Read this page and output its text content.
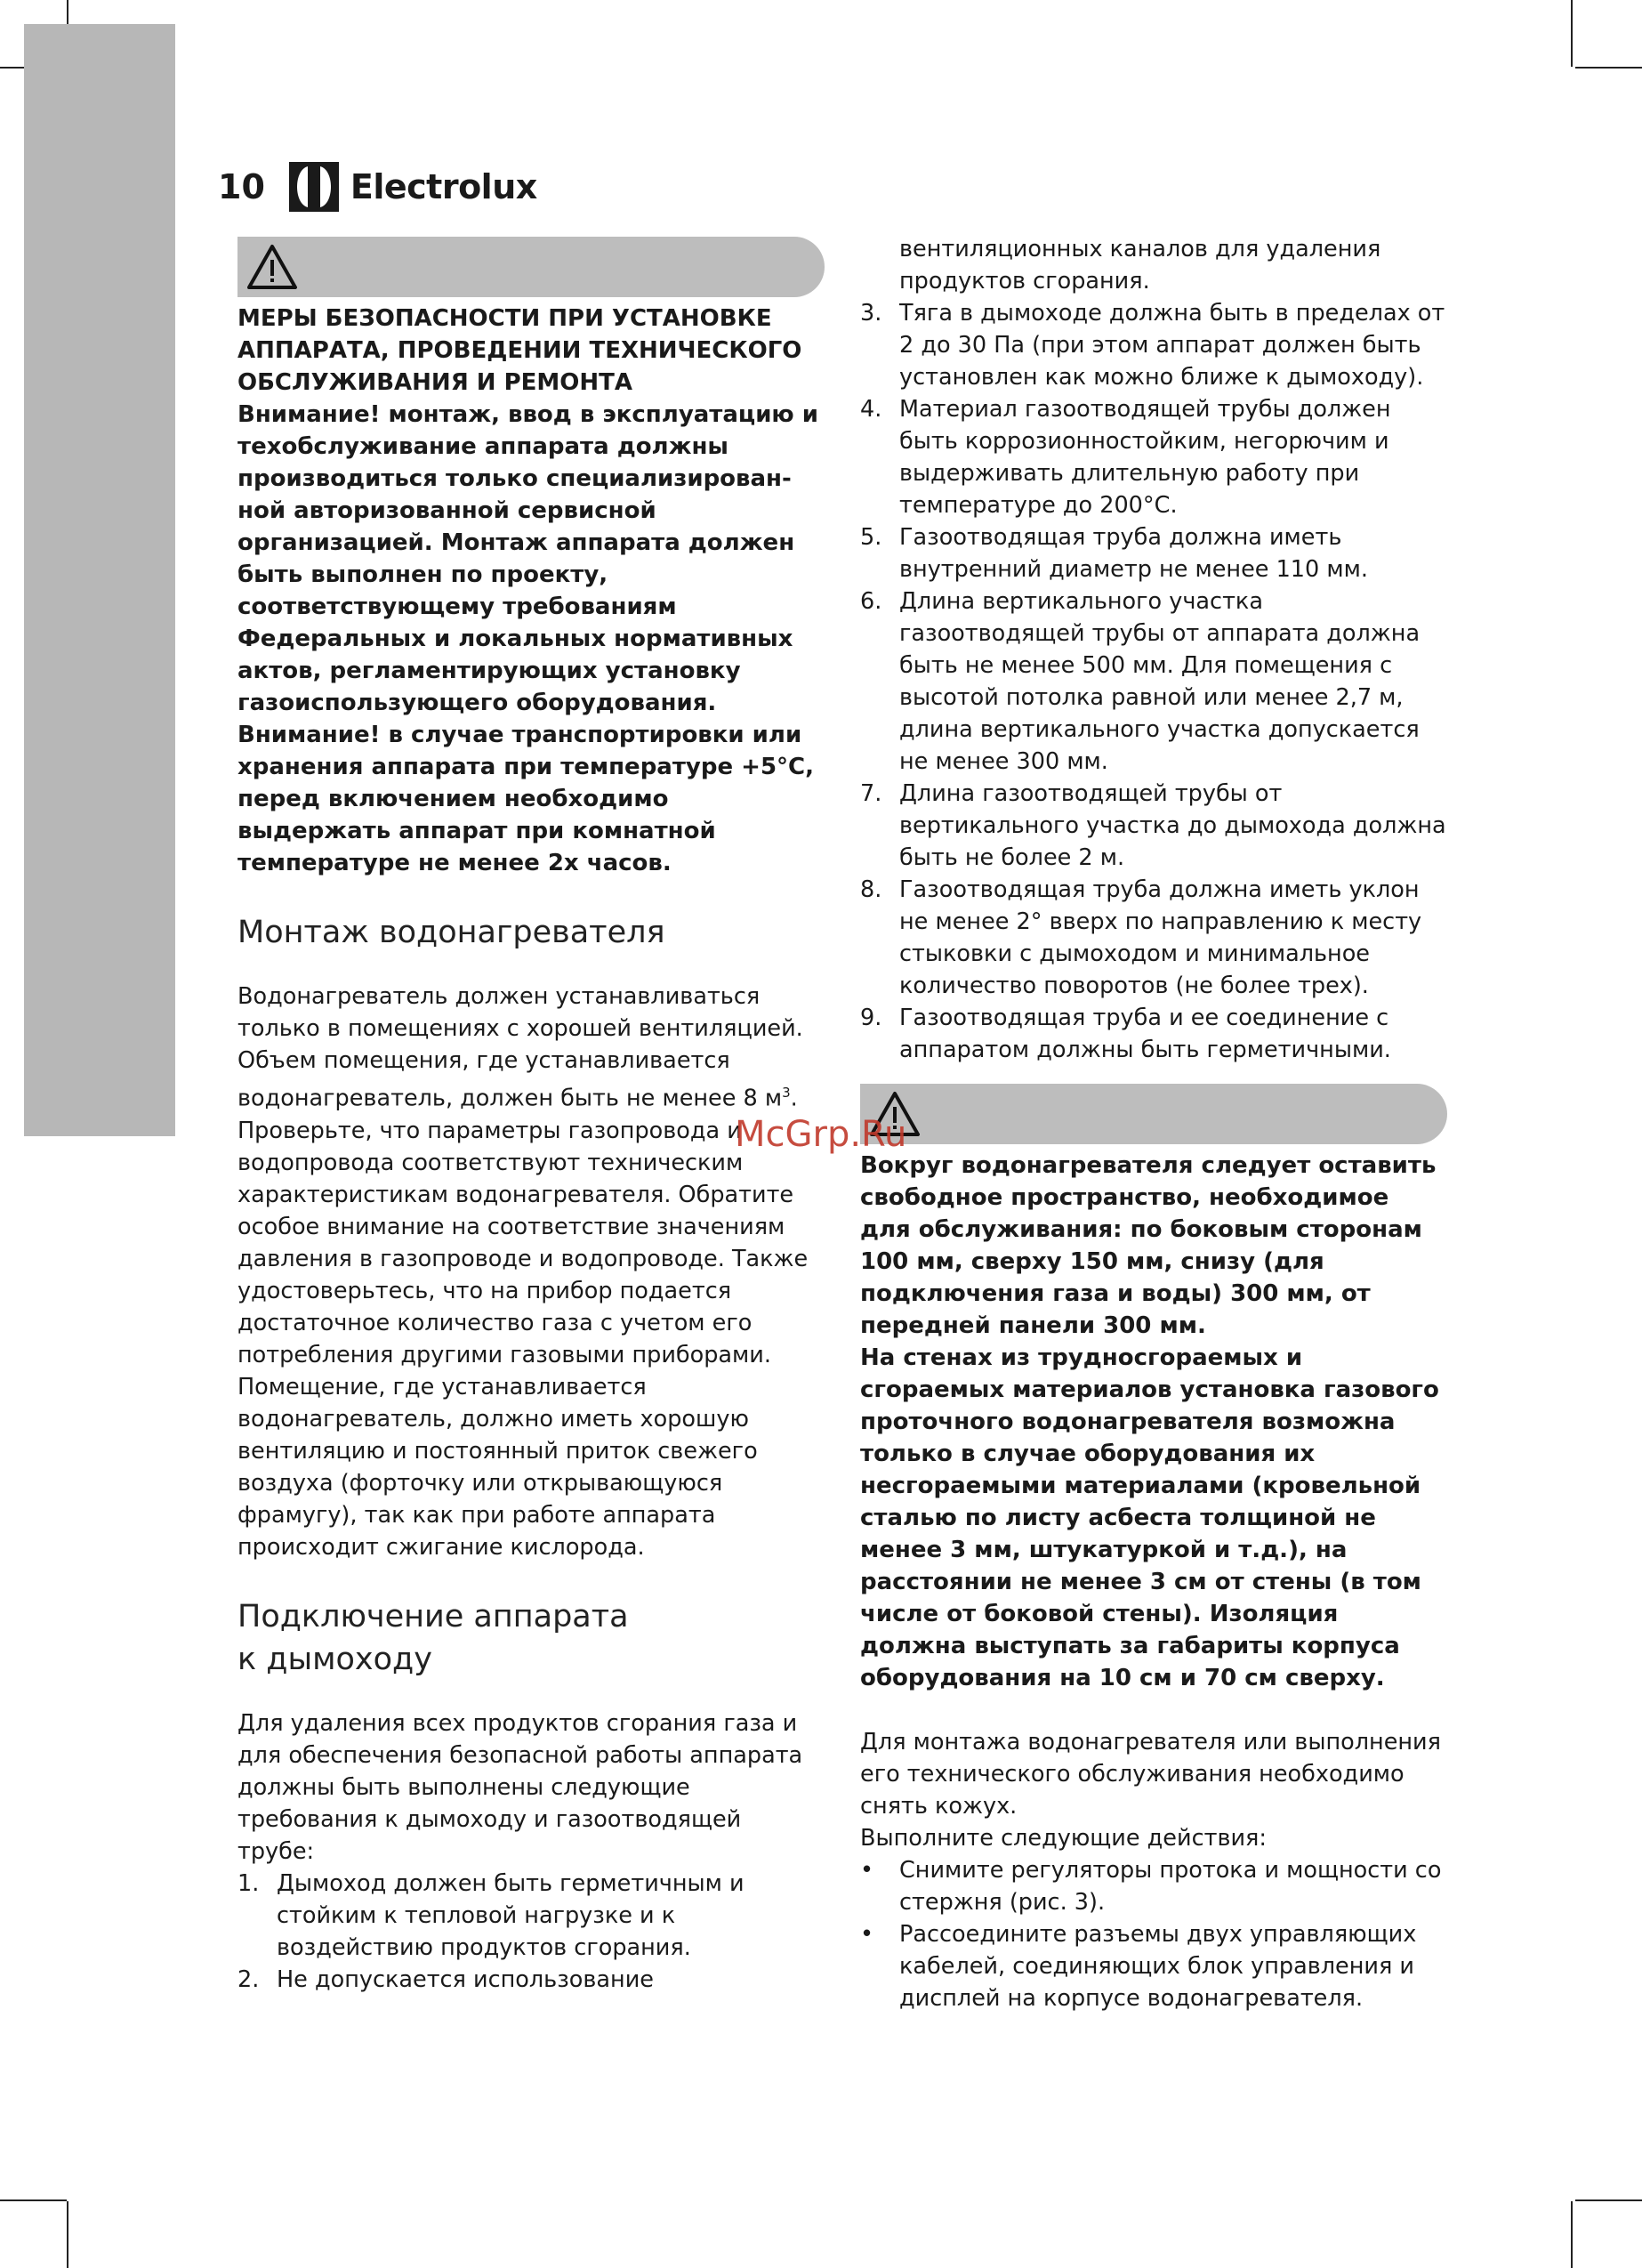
10	Electrolux

МЕРЫ БЕЗОПАСНОСТИ ПРИ УСТАНОВКЕ АППАРАТА, ПРОВЕДЕНИИ ТЕХНИЧЕСКОГО ОБСЛУЖИВАНИЯ И РЕМОНТА

Внимание! монтаж, ввод в эксплуатацию и техобслуживание аппарата должны производиться только специализирован-ной авторизованной сервисной организацией. Монтаж аппарата должен быть выполнен по проекту, соответствующему требованиям Федеральных и локальных нормативных актов, регламентирующих установку газоиспользующего оборудования.

Внимание! в случае транспортировки или хранения аппарата при температуре +5°С, перед включением необходимо выдержать аппарат при комнатной температуре не менее 2х часов.

Монтаж водонагревателя

Водонагреватель должен устанавливаться только в помещениях с хорошей вентиляцией. Объем помещения, где устанавливается водонагреватель, должен быть не менее 8 $м^3$.

Проверьте, что параметры газопровода и водопровода соответствуют техническим характеристикам водонагревателя. Обратите особое внимание на соответствие значениям давления в газопроводе и водопроводе. Также удостоверьтесь, что на прибор подается достаточное количество газа с учетом его потребления другими газовыми приборами. Помещение, где устанавливается водонагреватель, должно иметь хорошую вентиляцию и постоянный приток свежего воздуха (форточку или открывающуюся фрамугу), так как при работе аппарата происходит сжигание кислорода.

Подключение аппарата
к дымоходу

Для удаления всех продуктов сгорания газа и для обеспечения безопасной работы аппарата должны быть выполнены следующие требования к дымоходу и газоотводящей трубе:

1. Дымоход должен быть герметичным и стойким к тепловой нагрузке и к воздействию продуктов сгорания.
2. Не допускается использование

вентиляционных каналов для удаления продуктов сгорания.

3. Тяга в дымоходе должна быть в пределах от 2 до 30 Па (при этом аппарат должен быть установлен как можно ближе к дымоходу).
4. Материал газоотводящей трубы должен быть коррозионностойким, негорючим и выдерживать длительную работу при температуре до 200°С.
5. Газоотводящая труба должна иметь внутренний диаметр не менее 110 мм.
6. Длина вертикального участка газоотводящей трубы от аппарата должна быть не менее 500 мм. Для помещения с высотой потолка равной или менее 2,7 м, длина вертикального участка допускается не менее 300 мм.
7. Длина газоотводящей трубы от вертикального участка до дымохода должна быть не более 2 м.
8. Газоотводящая труба должна иметь уклон не менее 2° вверх по направлению к месту стыковки с дымоходом и минимальное количество поворотов (не более трех).
9. Газоотводящая труба и ее соединение с аппаратом должны быть герметичными.

Вокруг водонагревателя следует оставить свободное пространство, необходимое для обслуживания: по боковым сторонам 100 мм, сверху 150 мм, снизу (для подключения газа и воды) 300 мм, от передней панели 300 мм.

На стенах из трудносгораемых и сгораемых материалов установка газового проточного водонагревателя возможна только в случае оборудования их несгораемыми материалами (кровельной сталью по листу асбеста толщиной не менее 3 мм, штукатуркой и т.д.), на расстоянии не менее 3 см от стены (в том числе от боковой стены). Изоляция должна выступать за габариты корпуса оборудования на 10 см и 70 см сверху.

Для монтажа водонагревателя или выполнения его технического обслуживания необходимо снять кожух.

Выполните следующие действия:

•	Снимите регуляторы протока и мощности со стержня (рис. 3).
•	Рассоедините разъемы двух управляющих кабелей, соединяющих блок управления и дисплей на корпусе водонагревателя.
McGrp.Ru
